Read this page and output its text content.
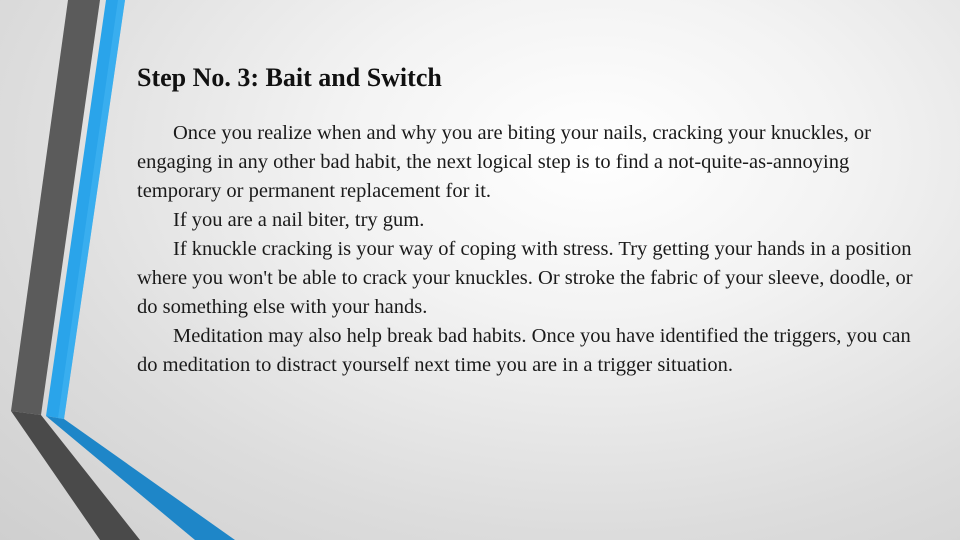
Step No. 3: Bait and Switch

Once you realize when and why you are biting your nails, cracking your knuckles, or engaging in any other bad habit, the next logical step is to find a not-quite-as-annoying temporary or permanent replacement for it.

If you are a nail biter, try gum.

If knuckle cracking is your way of coping with stress. Try getting your hands in a position where you won't be able to crack your knuckles. Or stroke the fabric of your sleeve, doodle, or do something else with your hands.

Meditation may also help break bad habits. Once you have identified the triggers, you can do meditation to distract yourself next time you are in a trigger situation.
